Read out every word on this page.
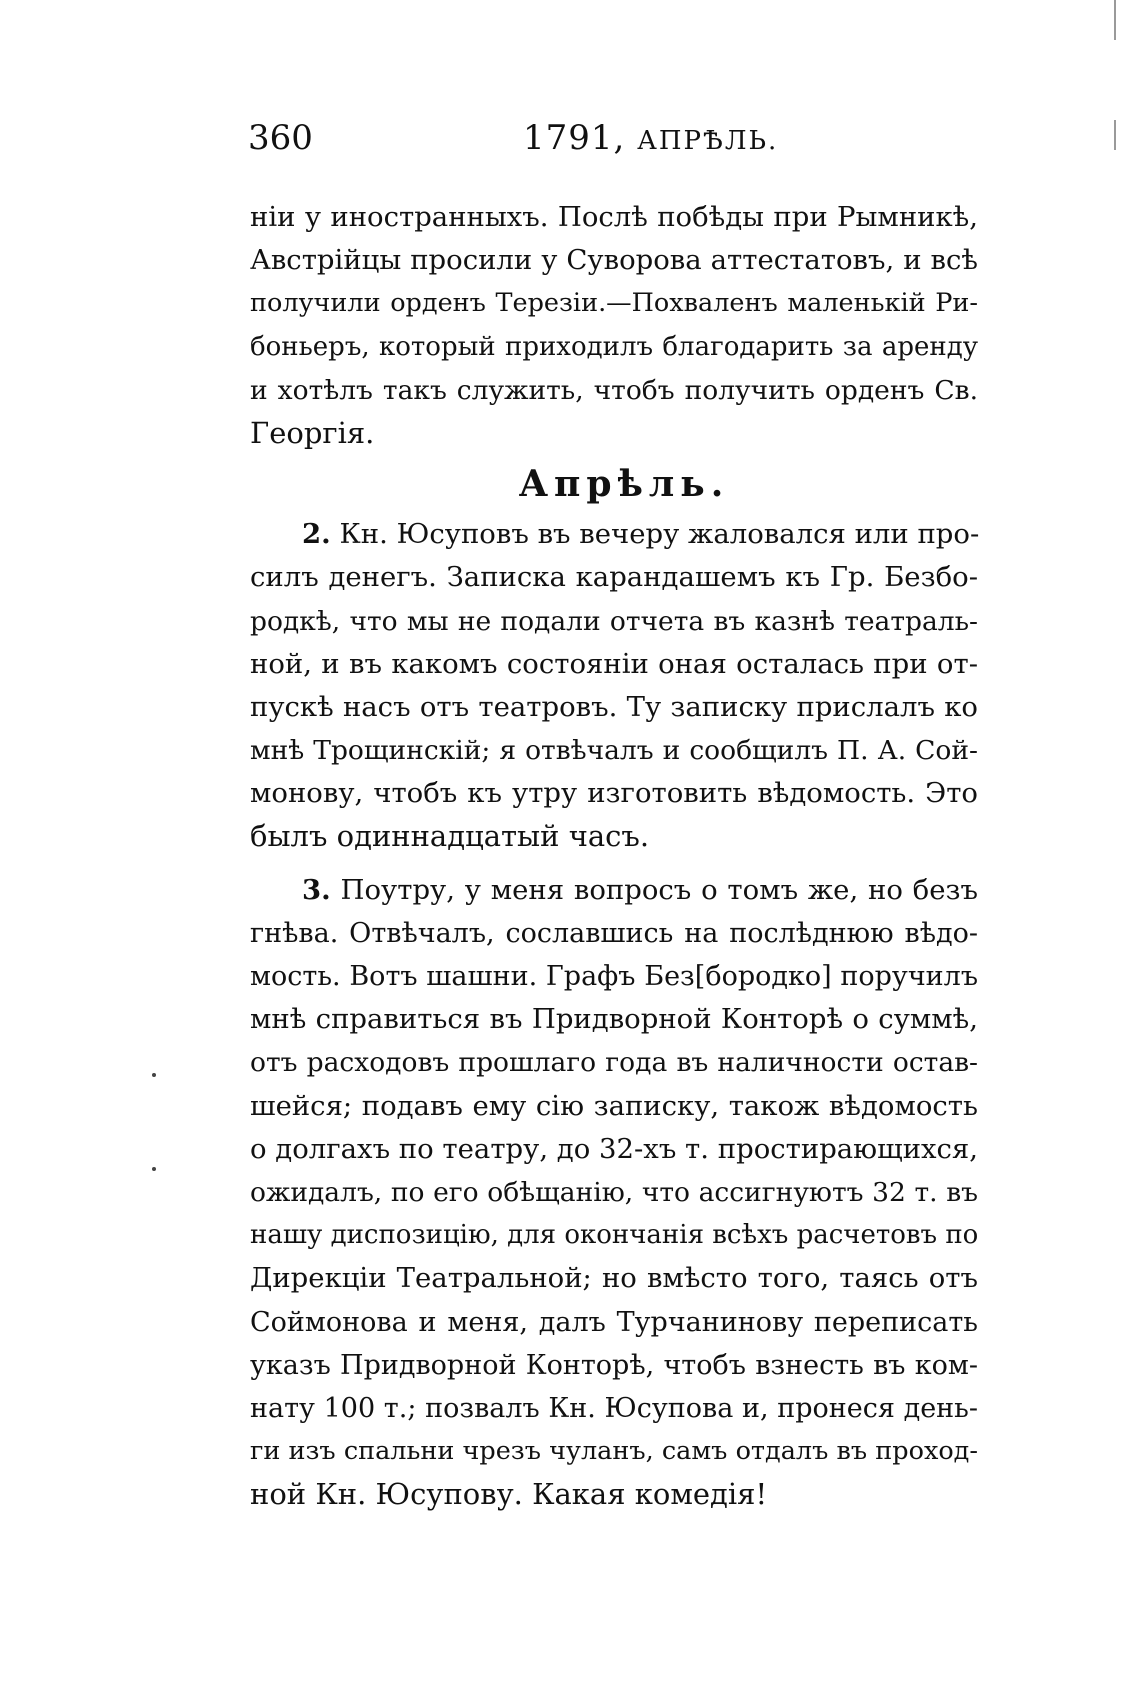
360	1791, АПРѢЛЬ.
ніи у иностранныхъ. Послѣ побѣды при Рымникѣ,
Австрійцы просили у Суворова аттестатовъ, и всѣ
получили орденъ Терезіи.—Похваленъ маленькій Ри-
боньеръ, который приходилъ благодарить за аренду
и хотѣлъ такъ служить, чтобъ получить орденъ Св.
Георгія.
Апрѣль.
2. Кн. Юсуповъ въ вечеру жаловался или про-
силъ денегъ. Записка карандашемъ къ Гр. Безбо-
родкѣ, что мы не подали отчета въ казнѣ театраль-
ной, и въ какомъ состояніи оная осталась при от-
пускѣ насъ отъ театровъ. Ту записку прислалъ ко
мнѣ Трощинскій; я отвѣчалъ и сообщилъ П. А. Сой-
монову, чтобъ къ утру изготовить вѣдомость. Это
былъ одиннадцатый часъ.
3. Поутру, у меня вопросъ о томъ же, но безъ
гнѣва. Отвѣчалъ, сославшись на послѣднюю вѣдо-
мость. Вотъ шашни. Графъ Без[бородко] поручилъ
мнѣ справиться въ Придворной Конторѣ о суммѣ,
отъ расходовъ прошлаго года въ наличности остав-
шейся; подавъ ему сію записку, також вѣдомость
о долгахъ по театру, до 32-хъ т. простирающихся,
ожидалъ, по его обѣщанію, что ассигнуютъ 32 т. въ
нашу диспозицію, для окончанія всѣхъ расчетовъ по
Дирекціи Театральной; но вмѣсто того, таясь отъ
Соймонова и меня, далъ Турчанинову переписать
указъ Придворной Конторѣ, чтобъ взнесть въ ком-
нату 100 т.; позвалъ Кн. Юсупова и, пронеся день-
ги изъ спальни чрезъ чуланъ, самъ отдалъ въ проход-
ной Кн. Юсупову. Какая комедія!
